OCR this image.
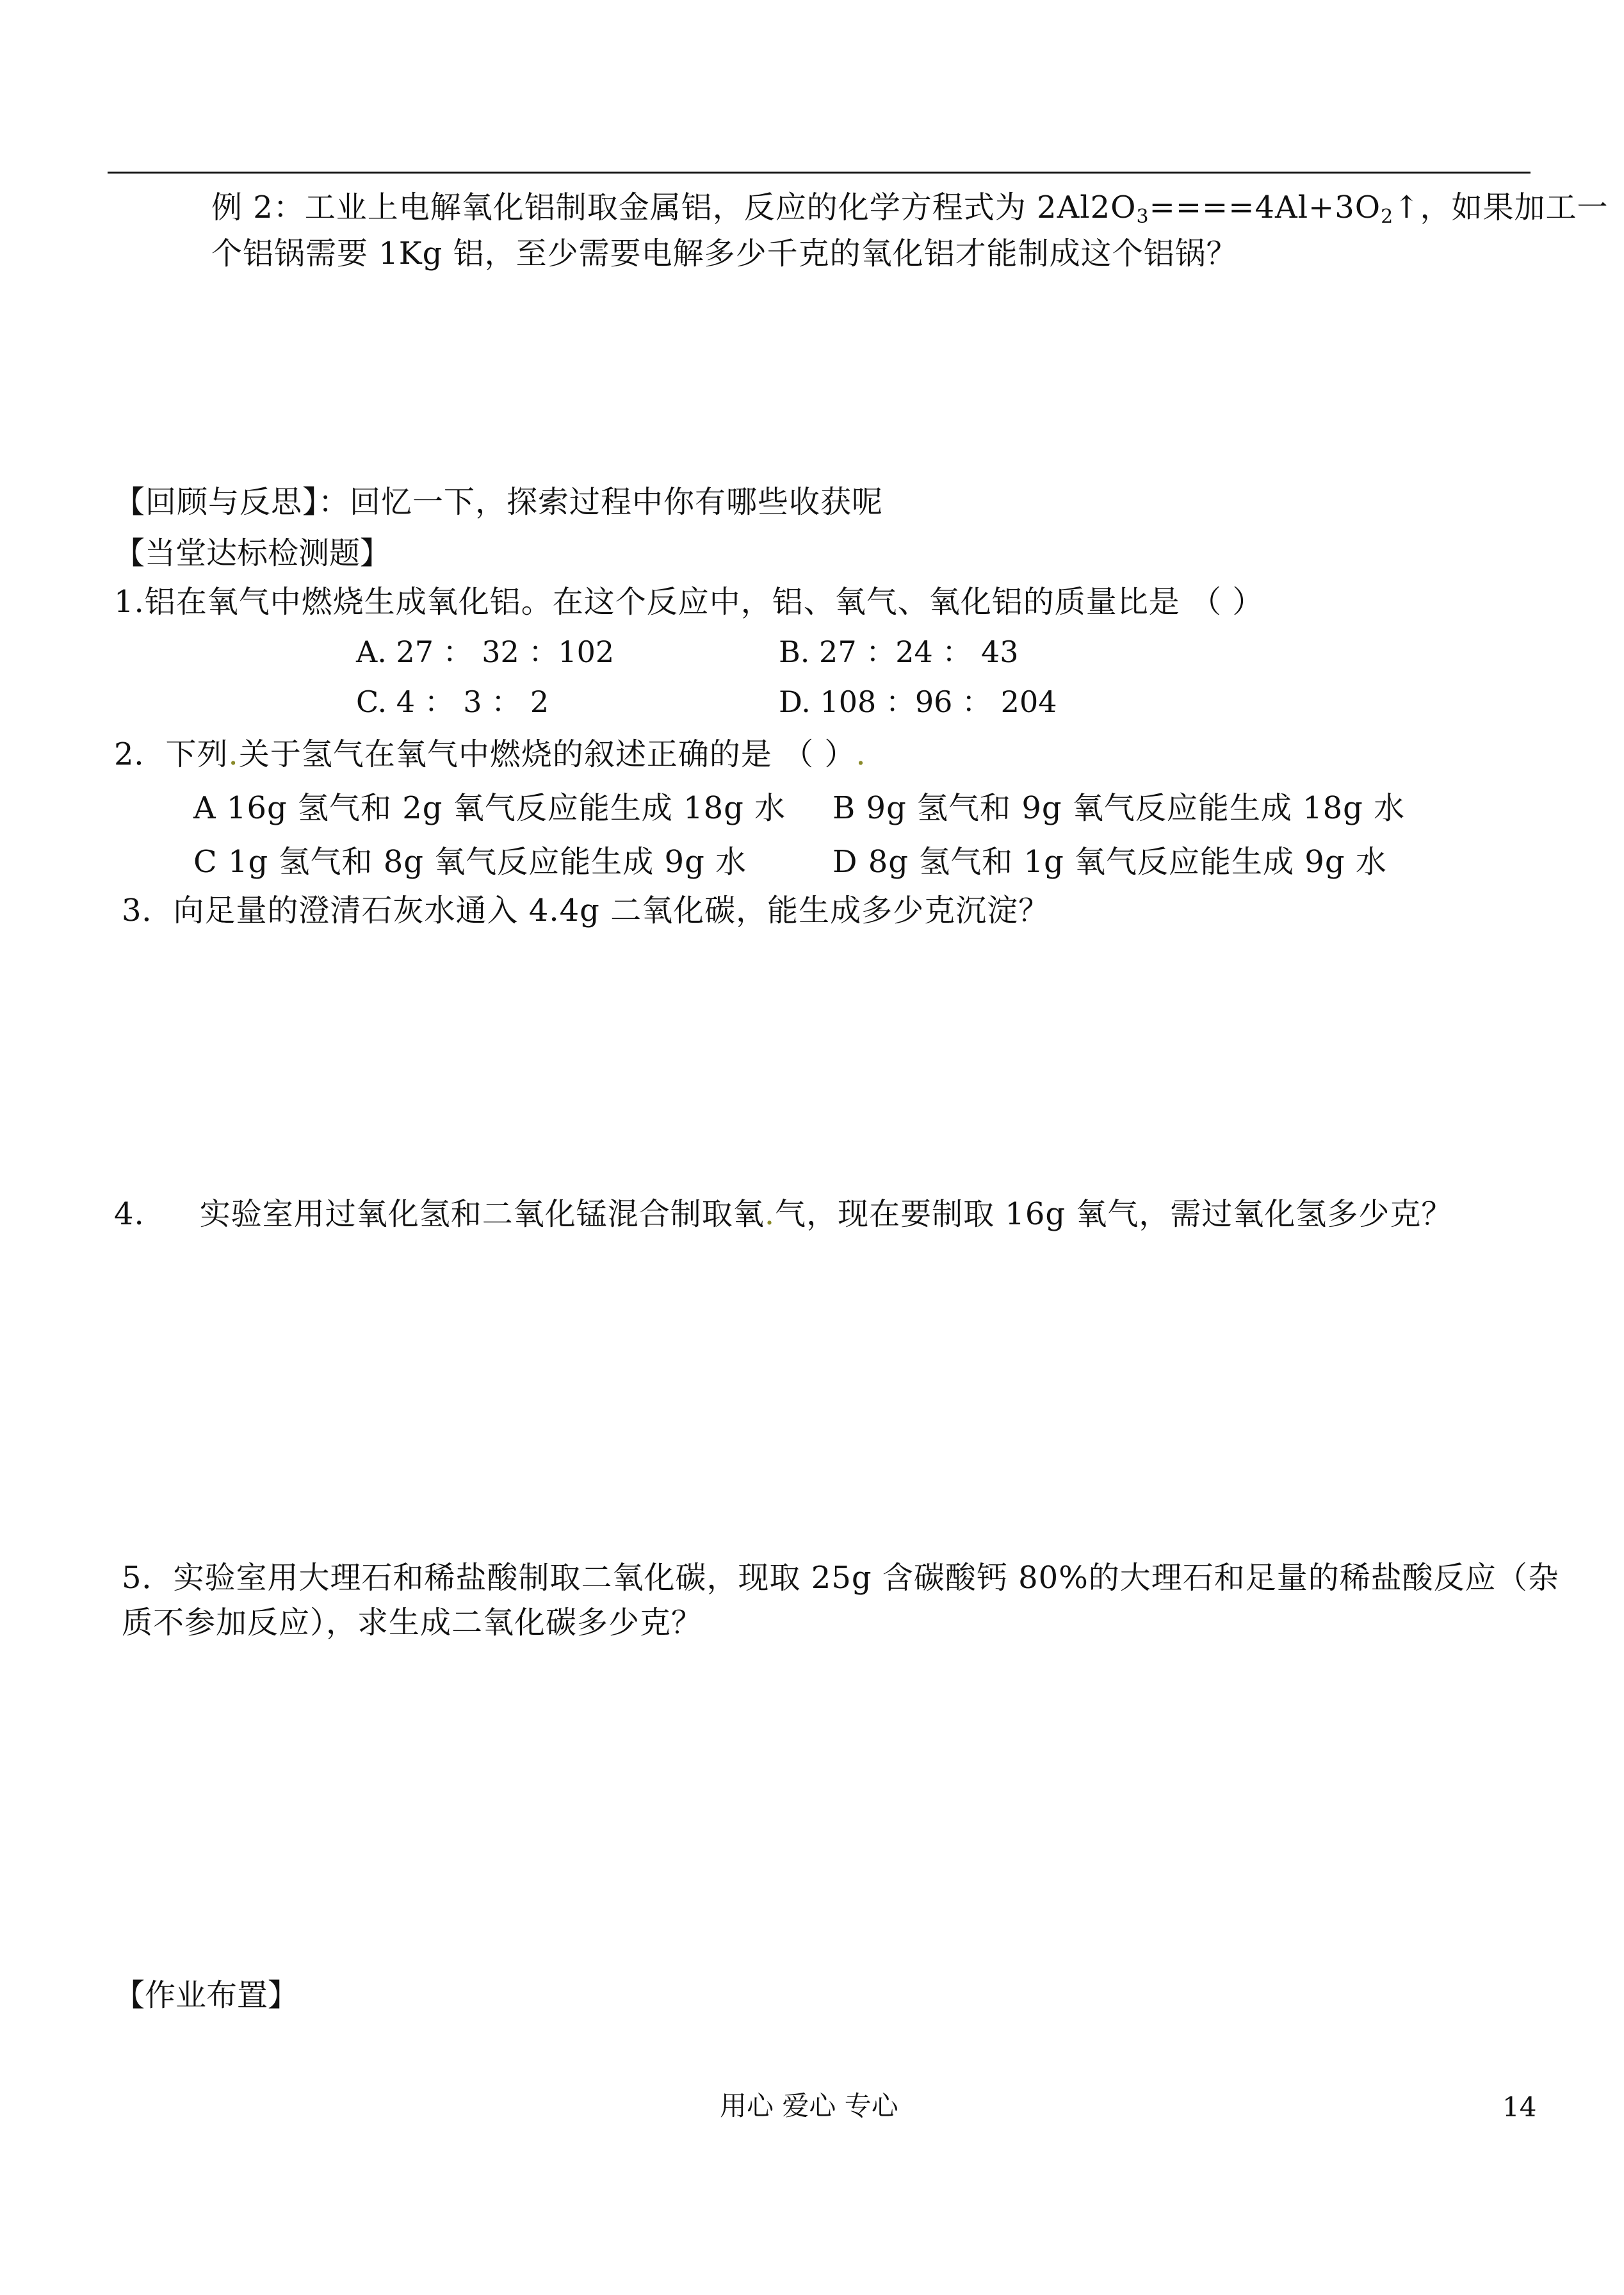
例 2：工业上电解氧化铝制取金属铝，反应的化学方程式为 $2Al2O_3====4Al+3O_2↑$，如果加工一
个铝锅需要 1Kg 铝，至少需要电解多少千克的氧化铝才能制成这个铝锅？
【回顾与反思】：回忆一下，探索过程中你有哪些收获呢
【当堂达标检测题】
1.铝在氧气中燃烧生成氧化铝。在这个反应中，铝、氧气、氧化铝的质量比是 （ ）
A. 27 ： 32 ：102	B. 27 ：24 ： 43
C. 4 ： 3 ： 2	D. 108 ：96 ： 204
2．下列.关于氢气在氧气中燃烧的叙述正确的是 （ ）.
A 16g 氢气和 2g 氧气反应能生成 18g 水 B 9g 氢气和 9g 氧气反应能生成 18g 水
C 1g 氢气和 8g 氧气反应能生成 9g 水	D 8g 氢气和 1g 氧气反应能生成 9g 水
3．向足量的澄清石灰水通入 4.4g 二氧化碳，能生成多少克沉淀？
4. 实验室用过氧化氢和二氧化锰混合制取氧.气，现在要制取 16g 氧气，需过氧化氢多少克？
5．实验室用大理石和稀盐酸制取二氧化碳，现取 25g 含碳酸钙 80%的大理石和足量的稀盐酸反应（杂
质不参加反应），求生成二氧化碳多少克？
【作业布置】
用心 爱心 专心	14
